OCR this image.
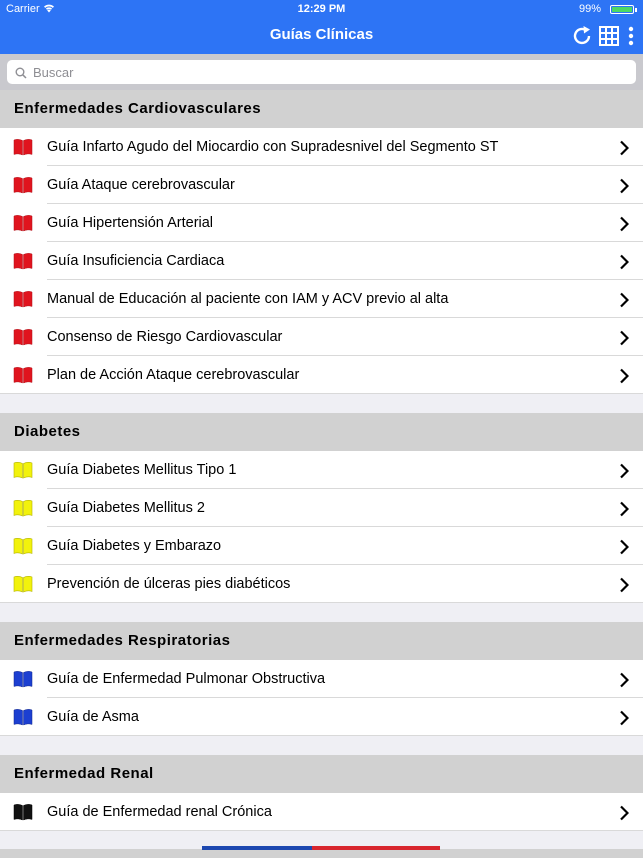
Carrier	12:29 PM	99%
Guías Clínicas
Buscar
Enfermedades Cardiovasculares
Guía Infarto Agudo del Miocardio con Supradesnivel del Segmento ST
Guía Ataque cerebrovascular
Guía Hipertensión Arterial
Guía Insuficiencia Cardiaca
Manual de Educación al paciente con IAM y ACV previo al alta
Consenso de Riesgo Cardiovascular
Plan de Acción Ataque cerebrovascular
Diabetes
Guía Diabetes Mellitus Tipo 1
Guía Diabetes Mellitus 2
Guía Diabetes y Embarazo
Prevención de úlceras pies diabéticos
Enfermedades Respiratorias
Guía de Enfermedad Pulmonar Obstructiva
Guía de Asma
Enfermedad Renal
Guía de Enfermedad renal Crónica
